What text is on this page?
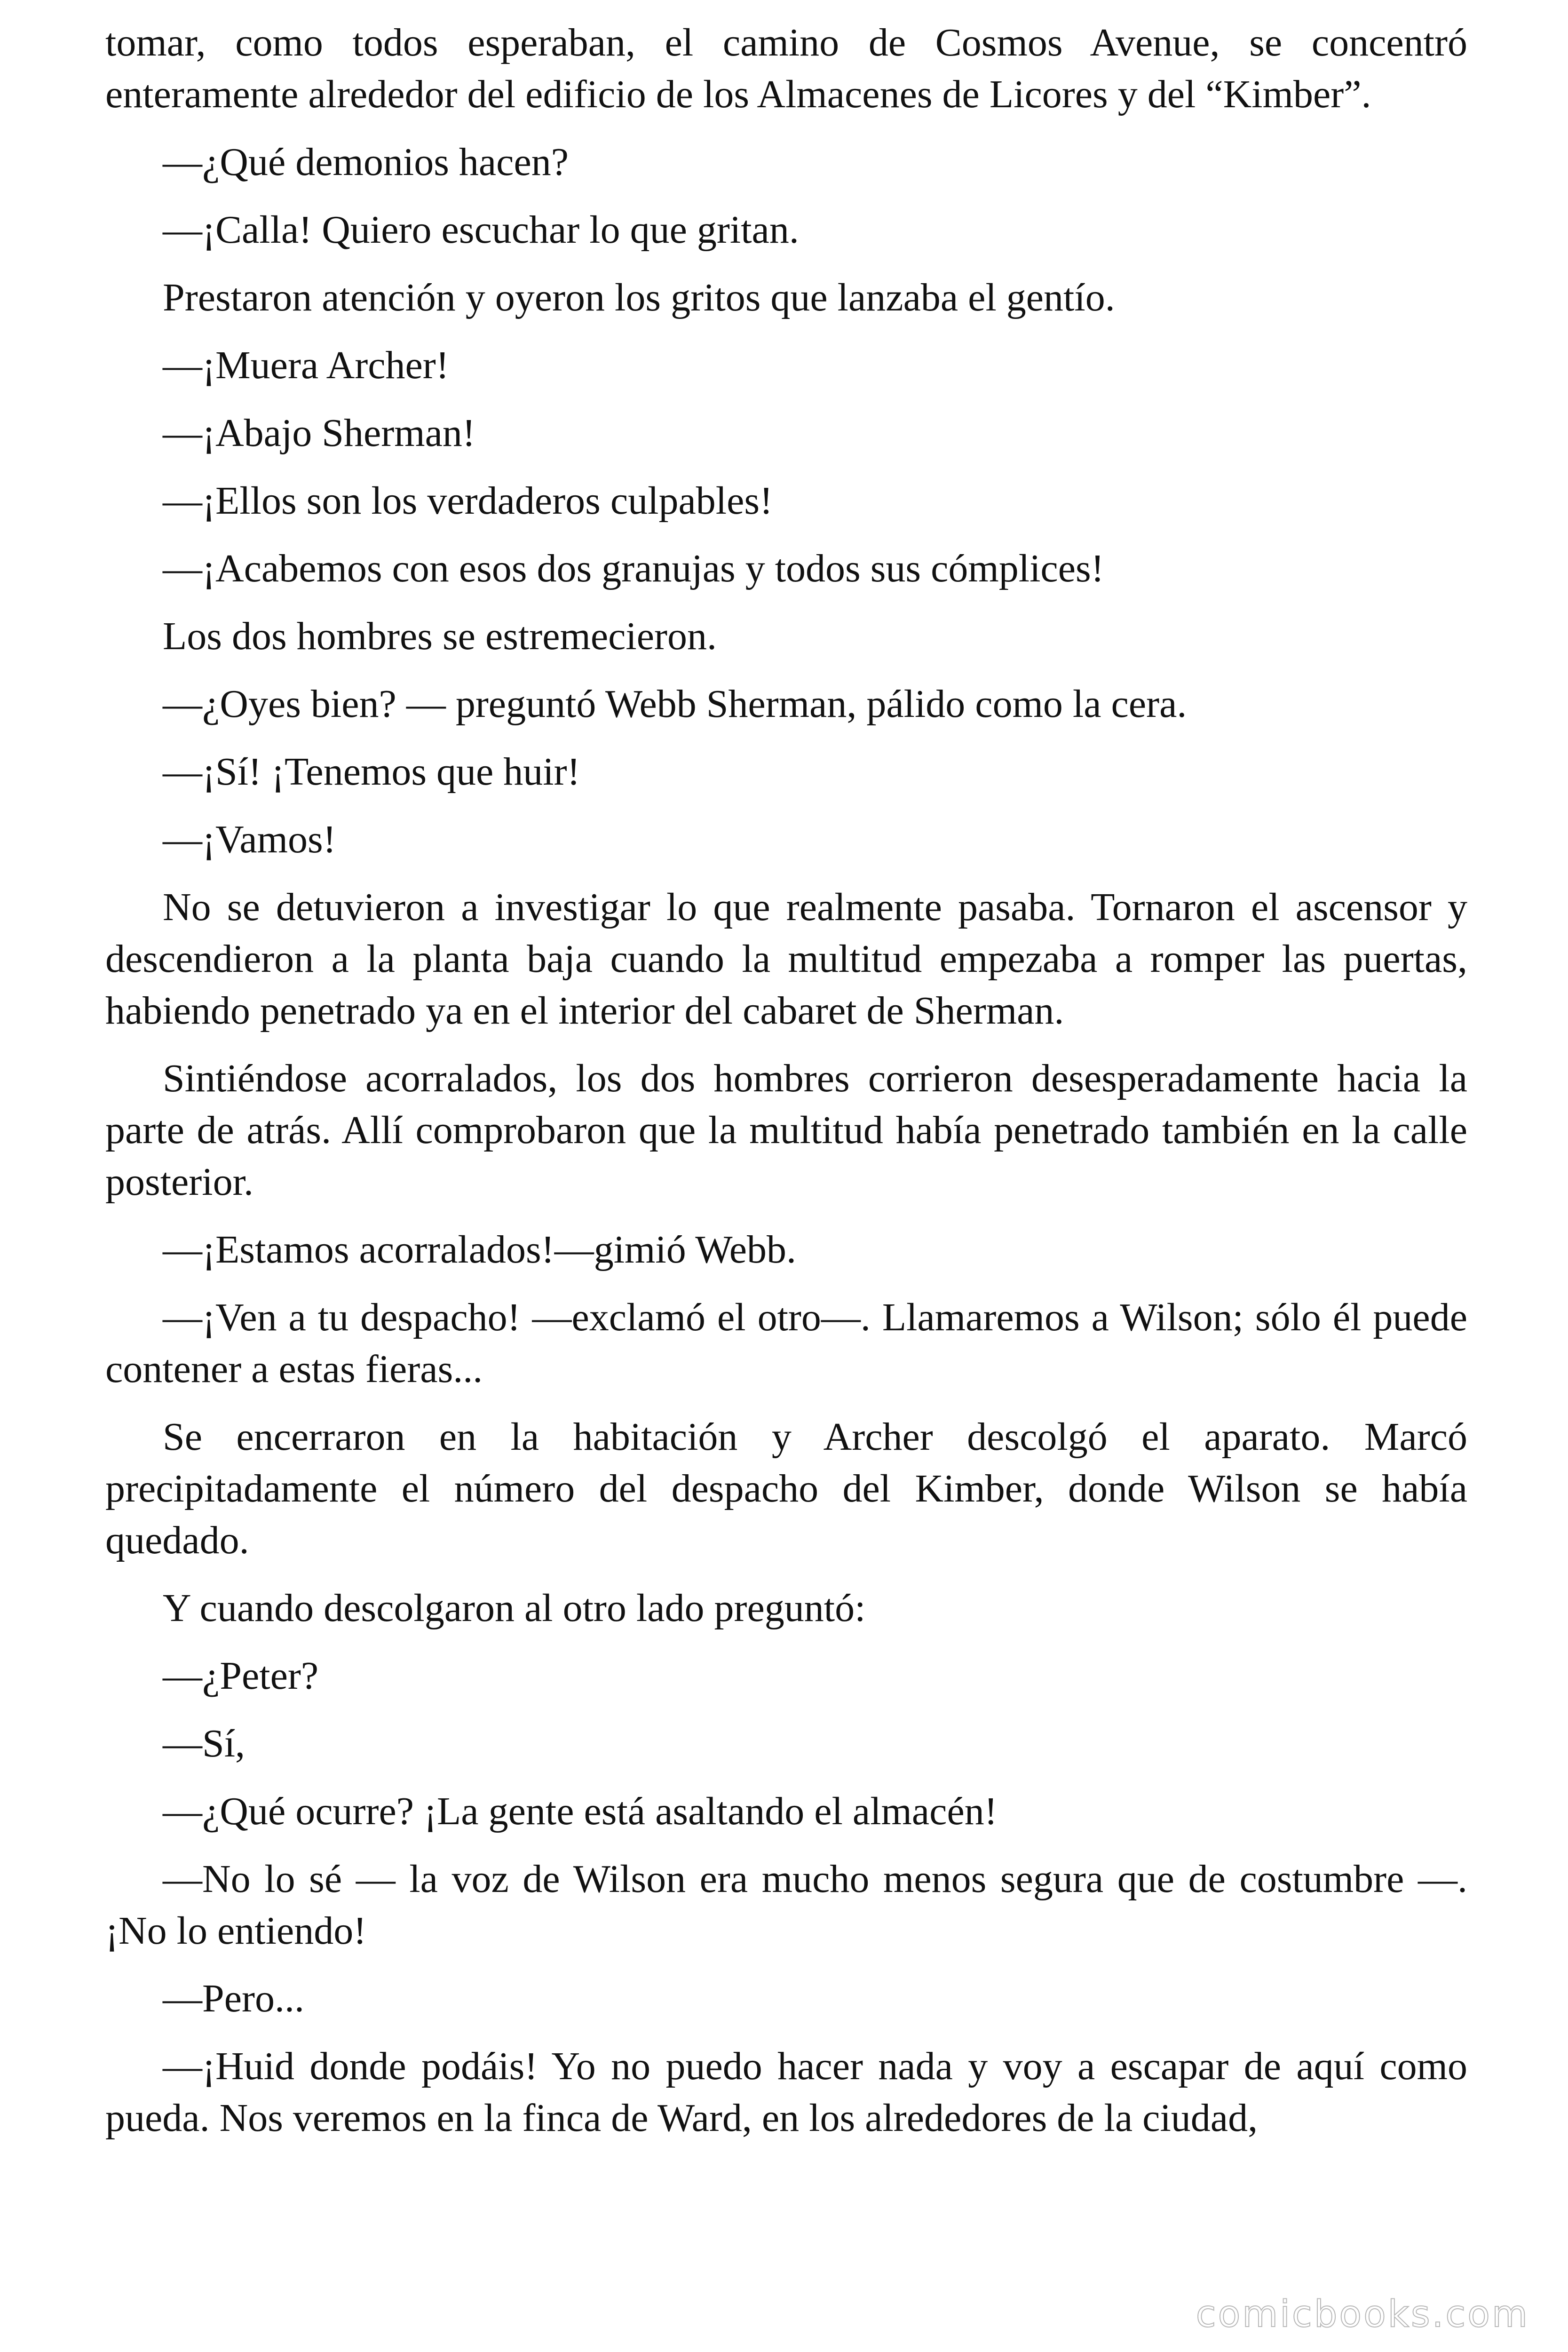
tomar, como todos esperaban, el camino de Cosmos Avenue, se concentró enteramente alrededor del edificio de los Almacenes de Licores y del “Kimber”.

—¿Qué demonios hacen?

—¡Calla! Quiero escuchar lo que gritan.

Prestaron atención y oyeron los gritos que lanzaba el gentío.

—¡Muera Archer!

—¡Abajo Sherman!

—¡Ellos son los verdaderos culpables!

—¡Acabemos con esos dos granujas y todos sus cómplices!

Los dos hombres se estremecieron.

—¿Oyes bien? — preguntó Webb Sherman, pálido como la cera.

—¡Sí! ¡Tenemos que huir!

—¡Vamos!

No se detuvieron a investigar lo que realmente pasaba. Tornaron el ascensor y descendieron a la planta baja cuando la multitud empezaba a romper las puertas, habiendo penetrado ya en el interior del cabaret de Sherman.

Sintiéndose acorralados, los dos hombres corrieron desesperadamente hacia la parte de atrás. Allí comprobaron que la multitud había penetrado también en la calle posterior.

—¡Estamos acorralados!—gimió Webb.

—¡Ven a tu despacho! —exclamó el otro—. Llamaremos a Wilson; sólo él puede contener a estas fieras...

Se encerraron en la habitación y Archer descolgó el aparato. Marcó precipitadamente el número del despacho del Kimber, donde Wilson se había quedado.

Y cuando descolgaron al otro lado preguntó:

—¿Peter?

—Sí,

—¿Qué ocurre? ¡La gente está asaltando el almacén!

—No lo sé — la voz de Wilson era mucho menos segura que de costumbre —. ¡No lo entiendo!

—Pero...

—¡Huid donde podáis! Yo no puedo hacer nada y voy a escapar de aquí como pueda. Nos veremos en la finca de Ward, en los alrededores de la ciudad,

comicbooks.com
